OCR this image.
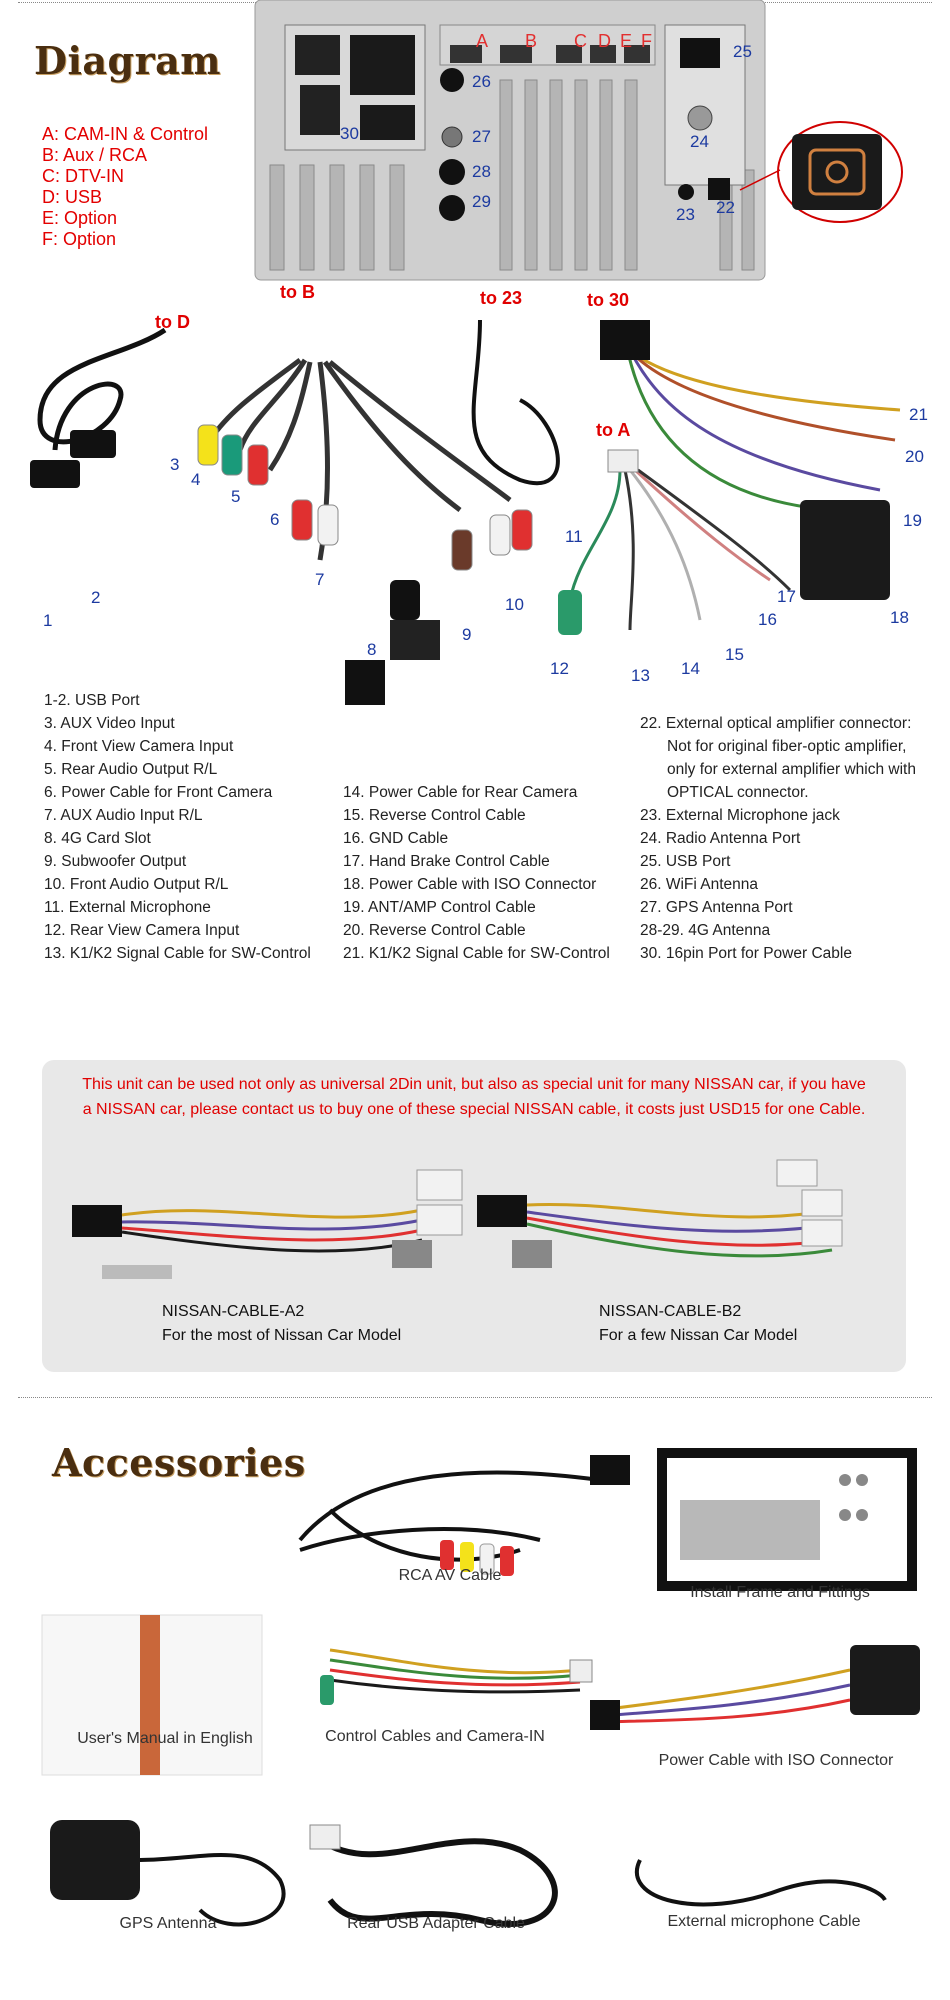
Diagram
A: CAM-IN & Control
B: Aux / RCA
C: DTV-IN
D: USB
E: Option
F: Option
A B C D E F
25
26
27
28
29
30	24
23 22
to D
to B	to 23	to 30
to A
1
2
3
4
5
6
7
8
9
10
11
12	13 14
15
16
17
18
19
20
21
1-2. USB Port
3. AUX Video Input
4. Front View Camera Input
5. Rear Audio Output R/L
6. Power Cable for Front Camera
7. AUX Audio Input R/L
8. 4G Card Slot
9. Subwoofer Output
10. Front Audio Output R/L
11. External Microphone
12. Rear View Camera Input
13. K1/K2 Signal Cable for SW-Control
14. Power Cable for Rear Camera
15. Reverse Control Cable
16. GND Cable
17. Hand Brake Control Cable
18. Power Cable with ISO Connector
19. ANT/AMP Control Cable
20. Reverse Control Cable
21. K1/K2 Signal Cable for SW-Control
22. External optical amplifier connector:
Not for original fiber-optic amplifier,
only for external amplifier which with
OPTICAL connector.
23. External Microphone jack
24. Radio Antenna Port
25. USB Port
26. WiFi Antenna
27. GPS Antenna Port
28-29. 4G Antenna
30. 16pin Port for Power Cable
This unit can be used not only as universal 2Din unit, but also as special unit for many NISSAN car, if you have
a NISSAN car, please contact us to buy one of these special NISSAN cable, it costs just USD15 for one Cable.
NISSAN-CABLE-A2
For the most of Nissan Car Model
NISSAN-CABLE-B2
For a few Nissan Car Model
Accessories
RCA AV Cable
Install Frame and Fittings
User's Manual in English	Control Cables and Camera-IN
Power Cable with ISO Connector
GPS Antenna	Rear USB Adapter Cable	External microphone Cable
